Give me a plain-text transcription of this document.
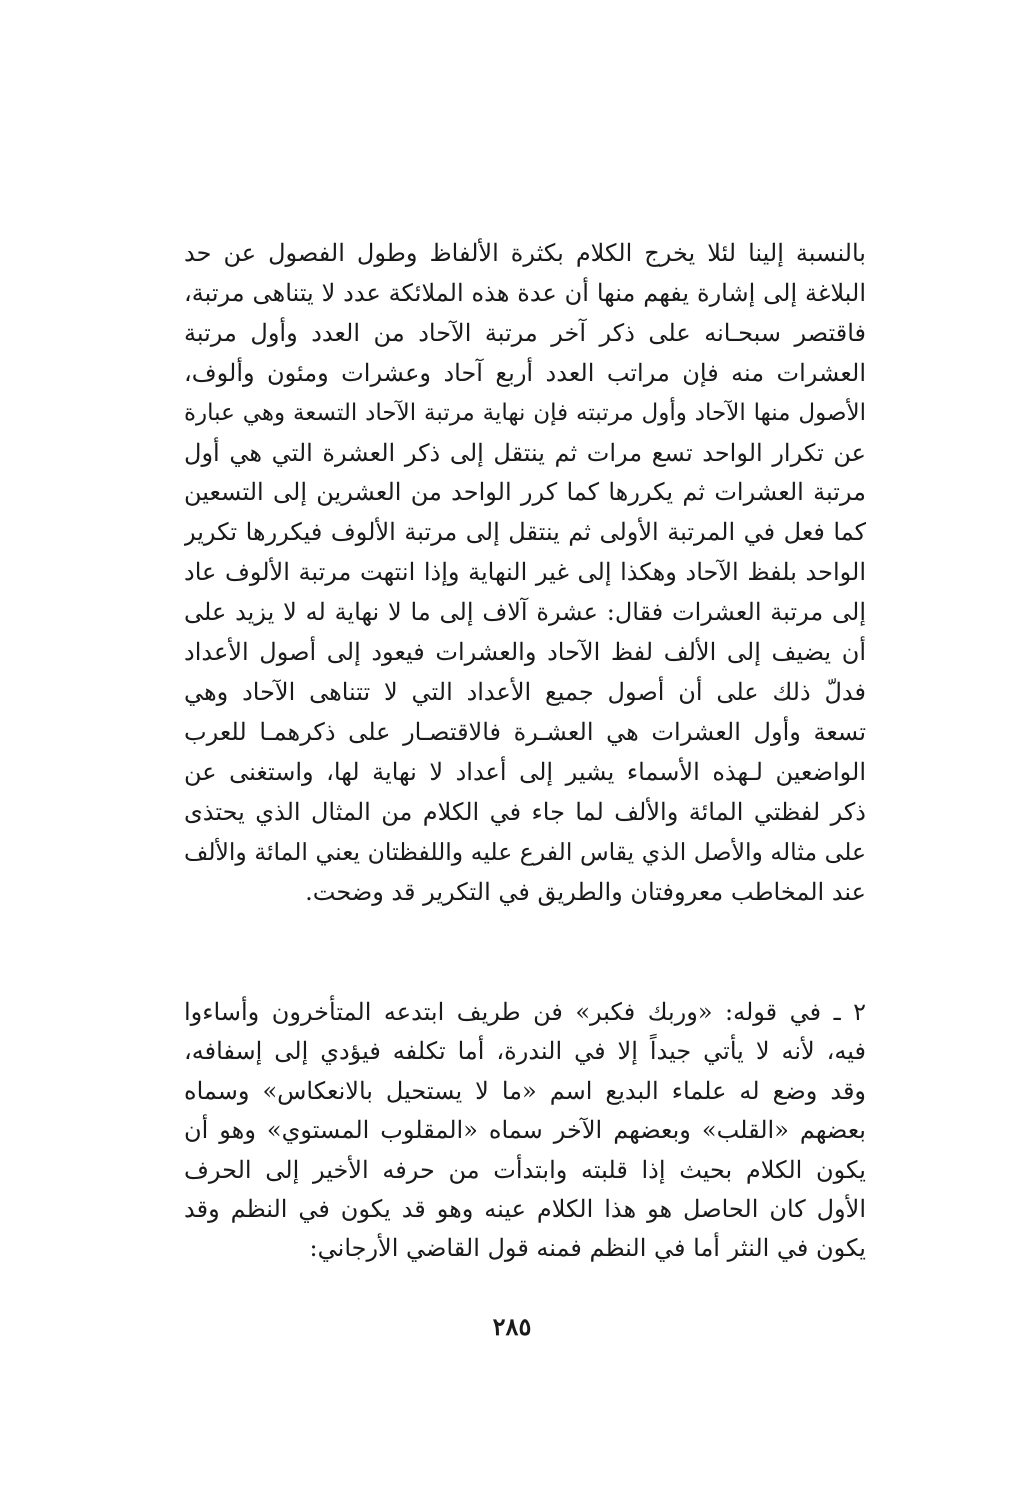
بالنسبة إلينا لئلا يخرج الكلام بكثرة الألفاظ وطول الفصول عن حد
البلاغة إلى إشارة يفهم منها أن عدة هذه الملائكة عدد لا يتناهى مرتبة،
فاقتصر سبحـانه على ذكر آخر مرتبة الآحاد من العدد وأول مرتبة
العشرات منه فإن مراتب العدد أربع آحاد وعشرات ومئون وألوف،
الأصول منها الآحاد وأول مرتبته فإن نهاية مرتبة الآحاد التسعة وهي عبارة
عن تكرار الواحد تسع مرات ثم ينتقل إلى ذكر العشرة التي هي أول
مرتبة العشرات ثم يكررها كما كرر الواحد من العشرين إلى التسعين
كما فعل في المرتبة الأولى ثم ينتقل إلى مرتبة الألوف فيكررها تكرير
الواحد بلفظ الآحاد وهكذا إلى غير النهاية وإذا انتهت مرتبة الألوف عاد
إلى مرتبة العشرات فقال: عشرة آلاف إلى ما لا نهاية له لا يزيد على
أن يضيف إلى الألف لفظ الآحاد والعشرات فيعود إلى أصول الأعداد
فدلّ ذلك على أن أصول جميع الأعداد التي لا تتناهى الآحاد وهي
تسعة وأول العشرات هي العشـرة فالاقتصـار على ذكرهمـا للعرب
الواضعين لـهذه الأسماء يشير إلى أعداد لا نهاية لها، واستغنى عن
ذكر لفظتي المائة والألف لما جاء في الكلام من المثال الذي يحتذى
على مثاله والأصل الذي يقاس الفرع عليه واللفظتان يعني المائة والألف
عند المخاطب معروفتان والطريق في التكرير قد وضحت.
٢ ـ في قوله: «وربك فكبر» فن طريف ابتدعه المتأخرون وأساءوا
فيه، لأنه لا يأتي جيداً إلا في الندرة، أما تكلفه فيؤدي إلى إسفافه،
وقد وضع له علماء البديع اسم «ما لا يستحيل بالانعكاس» وسماه
بعضهم «القلب» وبعضهم الآخر سماه «المقلوب المستوي» وهو أن
يكون الكلام بحيث إذا قلبته وابتدأت من حرفه الأخير إلى الحرف
الأول كان الحاصل هو هذا الكلام عينه وهو قد يكون في النظم وقد
يكون في النثر أما في النظم فمنه قول القاضي الأرجاني:
٢٨٥
